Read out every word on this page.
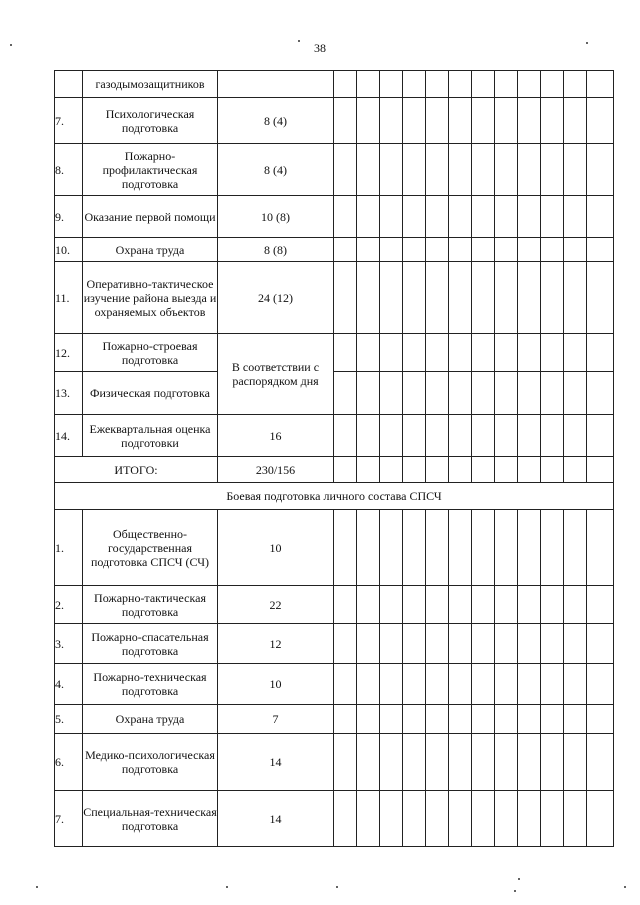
38
	газодымозащитников													
7.	Психологическая подготовка	8 (4)												
8.	Пожарно-профилактическая подготовка	8 (4)												
9.	Оказание первой помощи	10 (8)												
10.	Охрана труда	8 (8)												
11.	Оперативно-тактическое изучение района выезда и охраняемых объектов	24 (12)												
12.	Пожарно-строевая подготовка	В соответствии с распорядком дня												
13.	Физическая подготовка													
14.	Ежеквартальная оценка подготовки	16												
ИТОГО:		230/156												
Боевая подготовка личного состава СПСЧ														
1.	Общественно-государственная подготовка СПСЧ (СЧ)	10												
2.	Пожарно-тактическая подготовка	22												
3.	Пожарно-спасательная подготовка	12												
4.	Пожарно-техническая подготовка	10												
5.	Охрана труда	7												
6.	Медико-психологическая подготовка	14												
7.	Специальная-техническая подготовка	14												
